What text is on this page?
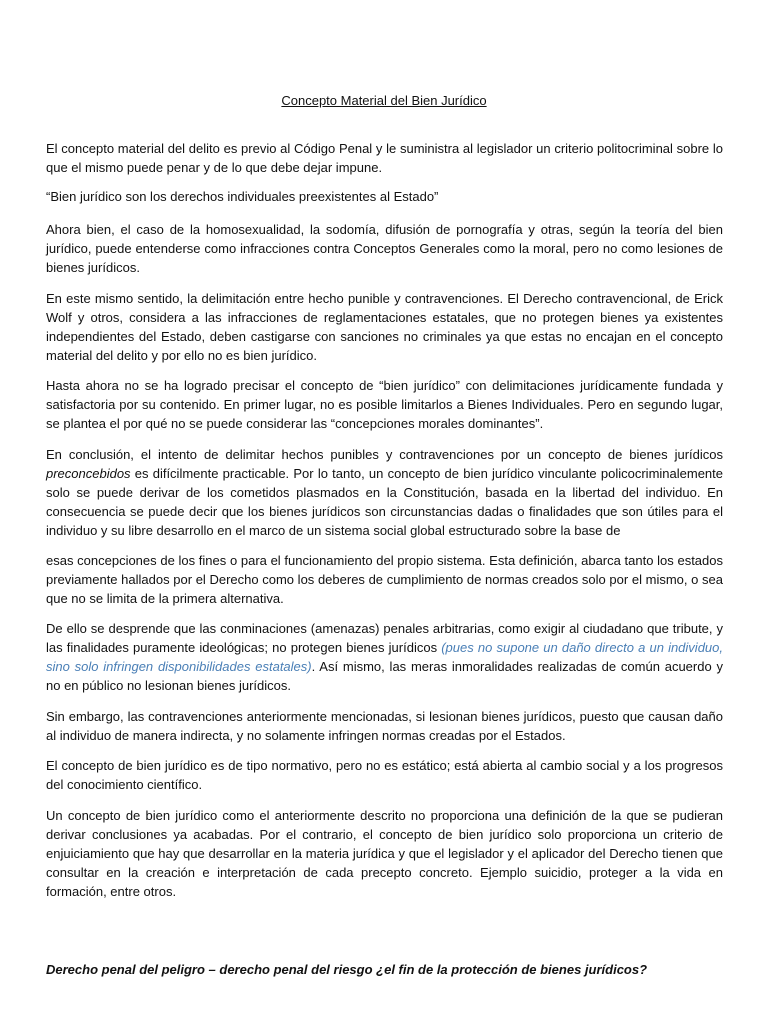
Concepto Material del Bien Jurídico
El concepto material del delito es previo al Código Penal y le suministra al legislador un criterio politocriminal sobre lo que el mismo puede penar y de lo que debe dejar impune.
“Bien jurídico son los derechos individuales preexistentes al Estado”
Ahora bien, el caso de la homosexualidad, la sodomía, difusión de pornografía y otras, según la teoría del bien jurídico, puede entenderse como infracciones contra Conceptos Generales como la moral, pero no como lesiones de bienes jurídicos.
En este mismo sentido, la delimitación entre hecho punible y contravenciones. El Derecho contravencional, de Erick Wolf y otros, considera a las infracciones de reglamentaciones estatales, que no protegen bienes ya existentes independientes del Estado, deben castigarse con sanciones no criminales ya que estas no encajan en el concepto material del delito y por ello no es bien jurídico.
Hasta ahora no se ha logrado precisar el concepto de “bien jurídico” con delimitaciones jurídicamente fundada y satisfactoria por su contenido. En primer lugar, no es posible limitarlos a Bienes Individuales. Pero en segundo lugar, se plantea el por qué no se puede considerar las “concepciones morales dominantes”.
En conclusión, el intento de delimitar hechos punibles y contravenciones por un concepto de bienes jurídicos preconcebidos es difícilmente practicable. Por lo tanto, un concepto de bien jurídico vinculante policocriminalemente solo se puede derivar de los cometidos plasmados en la Constitución, basada en la libertad del individuo. En consecuencia se puede decir que los bienes jurídicos son circunstancias dadas o finalidades que son útiles para el individuo y su libre desarrollo en el marco de un sistema social global estructurado sobre la base de
esas concepciones de los fines o para el funcionamiento del propio sistema. Esta definición, abarca tanto los estados previamente hallados por el Derecho como los deberes de cumplimiento de normas creados solo por el mismo, o sea que no se limita de la primera alternativa.
De ello se desprende que las conminaciones (amenazas) penales arbitrarias, como exigir al ciudadano que tribute, y las finalidades puramente ideológicas; no protegen bienes jurídicos (pues no supone un daño directo a un individuo, sino solo infringen disponibilidades estatales). Así mismo, las meras inmoralidades realizadas de común acuerdo y no en público no lesionan bienes jurídicos.
Sin embargo, las contravenciones anteriormente mencionadas, si lesionan bienes jurídicos, puesto que causan daño al individuo de manera indirecta, y no solamente infringen normas creadas por el Estados.
El concepto de bien jurídico es de tipo normativo, pero no es estático; está abierta al cambio social y a los progresos del conocimiento científico.
Un concepto de bien jurídico como el anteriormente descrito no proporciona una definición de la que se pudieran derivar conclusiones ya acabadas. Por el contrario, el concepto de bien jurídico solo proporciona un criterio de enjuiciamiento que hay que desarrollar en la materia jurídica y que el legislador y el aplicador del Derecho tienen que consultar en la creación e interpretación de cada precepto concreto. Ejemplo suicidio, proteger a la vida en formación, entre otros.
Derecho penal del peligro – derecho penal del riesgo ¿el fin de la protección de bienes jurídicos?
